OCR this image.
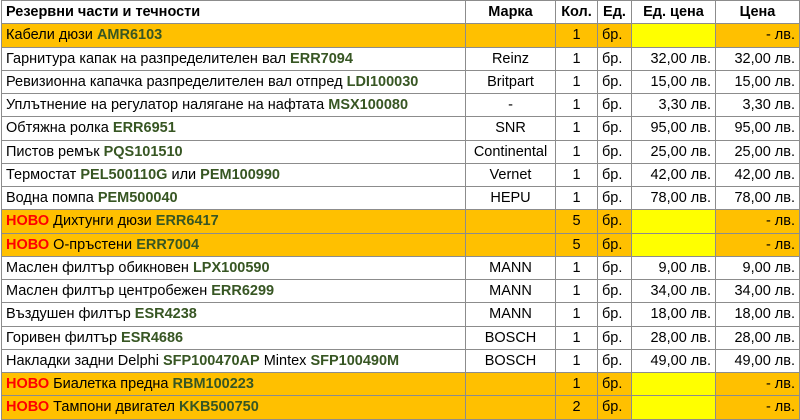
Резервни части и течности	Марка	Кол.	Ед.	Ед. цена	Цена
Кабели дюзи AMR6103		1	бр.		- лв.
Гарнитура капак на разпределителен вал ERR7094	Reinz	1	бр.	32,00 лв.	32,00 лв.
Ревизионна капачка разпределителен вал отпред LDI100030	Britpart	1	бр.	15,00 лв.	15,00 лв.
Уплътнение на регулатор налягане на нафтата MSX100080	-	1	бр.	3,30 лв.	3,30 лв.
Обтяжна ролка ERR6951	SNR	1	бр.	95,00 лв.	95,00 лв.
Пистов ремък PQS101510	Continental	1	бр.	25,00 лв.	25,00 лв.
Термостат PEL500110G или PEM100990	Vernet	1	бр.	42,00 лв.	42,00 лв.
Водна помпа PEM500040	HEPU	1	бр.	78,00 лв.	78,00 лв.
НОВО Дихтунги дюзи ERR6417		5	бр.		- лв.
НОВО О-пръстени ERR7004		5	бр.		- лв.
Маслен филтър обикновен LPX100590	MANN	1	бр.	9,00 лв.	9,00 лв.
Маслен филтър центробежен ERR6299	MANN	1	бр.	34,00 лв.	34,00 лв.
Въздушен филтър ESR4238	MANN	1	бр.	18,00 лв.	18,00 лв.
Горивен филтър ESR4686	BOSCH	1	бр.	28,00 лв.	28,00 лв.
Накладки задни Delphi SFP100470AP Mintex SFP100490M	BOSCH	1	бр.	49,00 лв.	49,00 лв.
НОВО Биалетка предна RBM100223		1	бр.		- лв.
НОВО Тампони двигател KKB500750		2	бр.		- лв.
